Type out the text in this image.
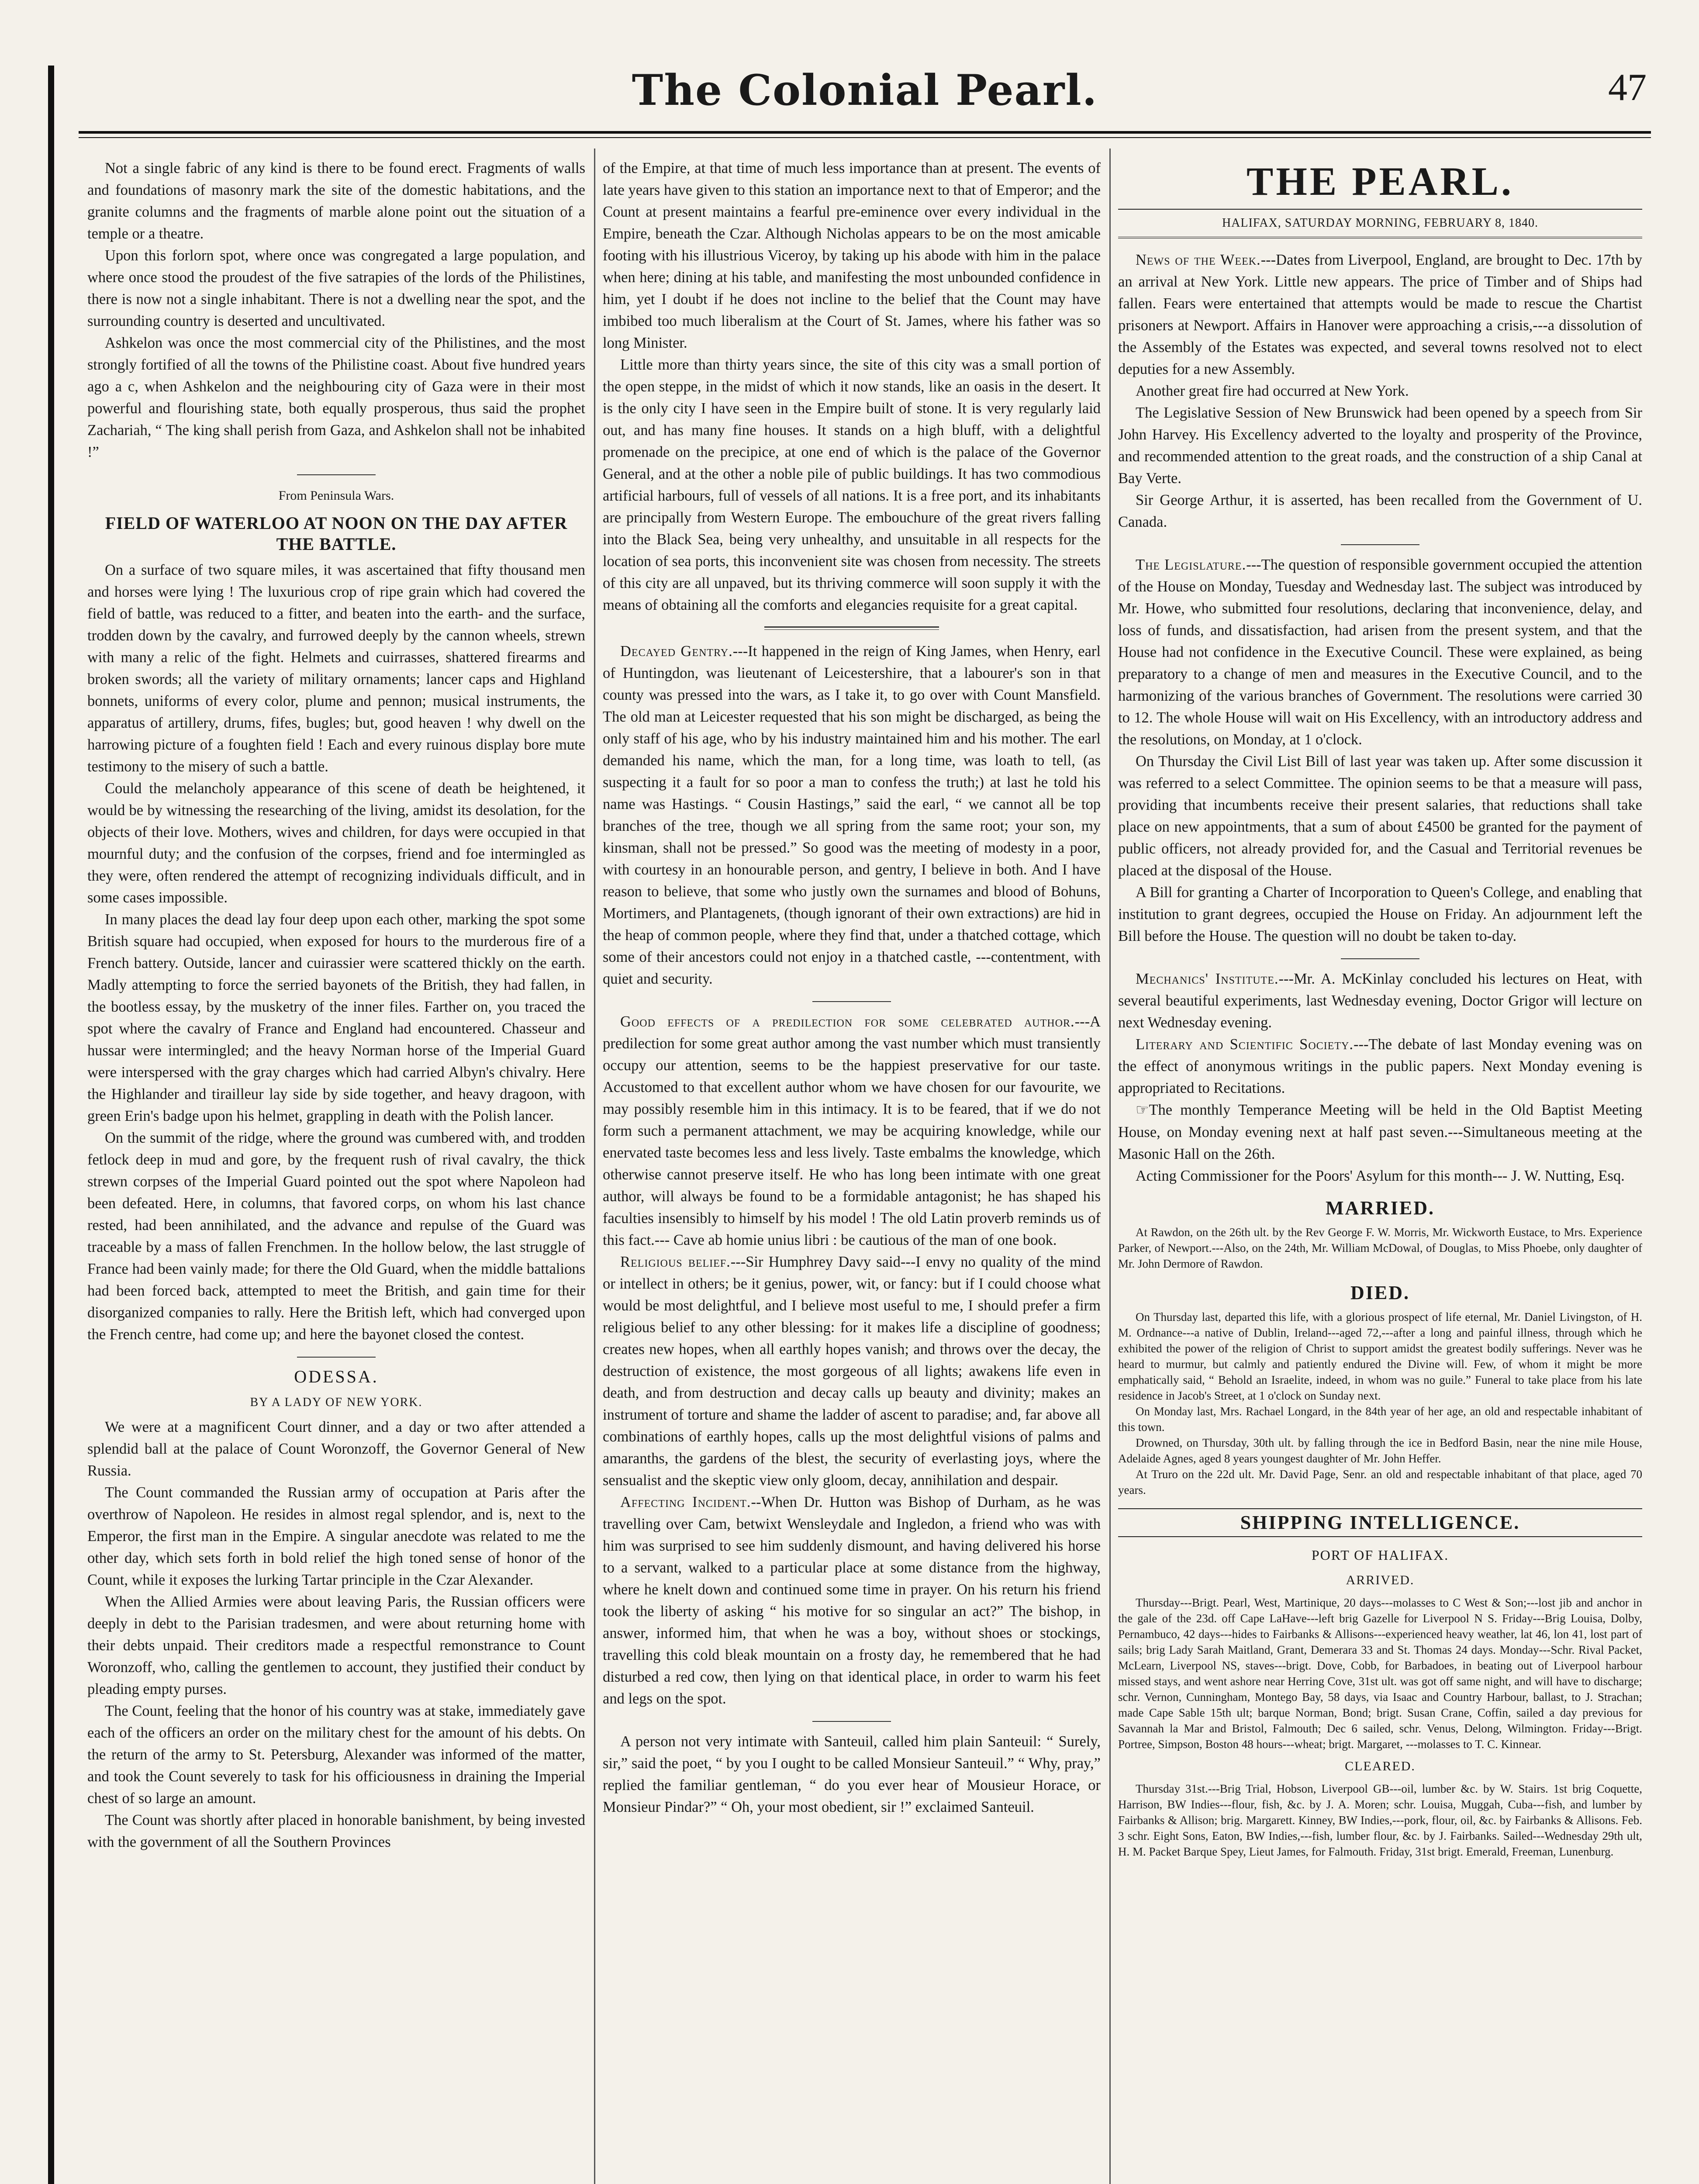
The Colonial Pearl.	47

Not a single fabric of any kind is there to be found erect. Fragments of walls and foundations of masonry mark the site of the domestic habitations, and the granite columns and the fragments of marble alone point out the situation of a temple or a theatre.

Upon this forlorn spot, where once was congregated a large population, and where once stood the proudest of the five satrapies of the lords of the Philistines, there is now not a single inhabitant. There is not a dwelling near the spot, and the surrounding country is deserted and uncultivated.

Ashkelon was once the most commercial city of the Philistines, and the most strongly fortified of all the towns of the Philistine coast. About five hundred years ago a c, when Ashkelon and the neighbouring city of Gaza were in their most powerful and flourishing state, both equally prosperous, thus said the prophet Zachariah, “ The king shall perish from Gaza, and Ashkelon shall not be inhabited !”

From Peninsula Wars.
FIELD OF WATERLOO AT NOON ON THE DAY AFTER THE BATTLE.

On a surface of two square miles, it was ascertained that fifty thousand men and horses were lying ! The luxurious crop of ripe grain which had covered the field of battle, was reduced to a fitter, and beaten into the earth- and the surface, trodden down by the cavalry, and furrowed deeply by the cannon wheels, strewn with many a relic of the fight. Helmets and cuirrasses, shattered firearms and broken swords; all the variety of military ornaments; lancer caps and Highland bonnets, uniforms of every color, plume and pennon; musical instruments, the apparatus of artillery, drums, fifes, bugles; but, good heaven ! why dwell on the harrowing picture of a foughten field ! Each and every ruinous display bore mute testimony to the misery of such a battle.

Could the melancholy appearance of this scene of death be heightened, it would be by witnessing the researching of the living, amidst its desolation, for the objects of their love. Mothers, wives and children, for days were occupied in that mournful duty; and the confusion of the corpses, friend and foe intermingled as they were, often rendered the attempt of recognizing individuals difficult, and in some cases impossible.

In many places the dead lay four deep upon each other, marking the spot some British square had occupied, when exposed for hours to the murderous fire of a French battery. Outside, lancer and cuirassier were scattered thickly on the earth. Madly attempting to force the serried bayonets of the British, they had fallen, in the bootless essay, by the musketry of the inner files. Farther on, you traced the spot where the cavalry of France and England had encountered. Chasseur and hussar were intermingled; and the heavy Norman horse of the Imperial Guard were interspersed with the gray charges which had carried Albyn's chivalry. Here the Highlander and tirailleur lay side by side together, and heavy dragoon, with green Erin's badge upon his helmet, grappling in death with the Polish lancer.

On the summit of the ridge, where the ground was cumbered with, and trodden fetlock deep in mud and gore, by the frequent rush of rival cavalry, the thick strewn corpses of the Imperial Guard pointed out the spot where Napoleon had been defeated. Here, in columns, that favored corps, on whom his last chance rested, had been annihilated, and the advance and repulse of the Guard was traceable by a mass of fallen Frenchmen. In the hollow below, the last struggle of France had been vainly made; for there the Old Guard, when the middle battalions had been forced back, attempted to meet the British, and gain time for their disorganized companies to rally. Here the British left, which had converged upon the French centre, had come up; and here the bayonet closed the contest.

ODESSA.
BY A LADY OF NEW YORK.

We were at a magnificent Court dinner, and a day or two after attended a splendid ball at the palace of Count Woronzoff, the Governor General of New Russia.

The Count commanded the Russian army of occupation at Paris after the overthrow of Napoleon. He resides in almost regal splendor, and is, next to the Emperor, the first man in the Empire. A singular anecdote was related to me the other day, which sets forth in bold relief the high toned sense of honor of the Count, while it exposes the lurking Tartar principle in the Czar Alexander.

When the Allied Armies were about leaving Paris, the Russian officers were deeply in debt to the Parisian tradesmen, and were about returning home with their debts unpaid. Their creditors made a respectful remonstrance to Count Woronzoff, who, calling the gentlemen to account, they justified their conduct by pleading empty purses.

The Count, feeling that the honor of his country was at stake, immediately gave each of the officers an order on the military chest for the amount of his debts. On the return of the army to St. Petersburg, Alexander was informed of the matter, and took the Count severely to task for his officiousness in draining the Imperial chest of so large an amount.

The Count was shortly after placed in honorable banishment, by being invested with the government of all the Southern Provinces

of the Empire, at that time of much less importance than at present. The events of late years have given to this station an importance next to that of Emperor; and the Count at present maintains a fearful pre-eminence over every individual in the Empire, beneath the Czar. Although Nicholas appears to be on the most amicable footing with his illustrious Viceroy, by taking up his abode with him in the palace when here; dining at his table, and manifesting the most unbounded confidence in him, yet I doubt if he does not incline to the belief that the Count may have imbibed too much liberalism at the Court of St. James, where his father was so long Minister.

Little more than thirty years since, the site of this city was a small portion of the open steppe, in the midst of which it now stands, like an oasis in the desert. It is the only city I have seen in the Empire built of stone. It is very regularly laid out, and has many fine houses. It stands on a high bluff, with a delightful promenade on the precipice, at one end of which is the palace of the Governor General, and at the other a noble pile of public buildings. It has two commodious artificial harbours, full of vessels of all nations. It is a free port, and its inhabitants are principally from Western Europe. The embouchure of the great rivers falling into the Black Sea, being very unhealthy, and unsuitable in all respects for the location of sea ports, this inconvenient site was chosen from necessity. The streets of this city are all unpaved, but its thriving commerce will soon supply it with the means of obtaining all the comforts and elegancies requisite for a great capital.

Decayed Gentry.---It happened in the reign of King James, when Henry, earl of Huntingdon, was lieutenant of Leicestershire, that a labourer's son in that county was pressed into the wars, as I take it, to go over with Count Mansfield. The old man at Leicester requested that his son might be discharged, as being the only staff of his age, who by his industry maintained him and his mother. The earl demanded his name, which the man, for a long time, was loath to tell, (as suspecting it a fault for so poor a man to confess the truth;) at last he told his name was Hastings. “ Cousin Hastings,” said the earl, “ we cannot all be top branches of the tree, though we all spring from the same root; your son, my kinsman, shall not be pressed.” So good was the meeting of modesty in a poor, with courtesy in an honourable person, and gentry, I believe in both. And I have reason to believe, that some who justly own the surnames and blood of Bohuns, Mortimers, and Plantagenets, (though ignorant of their own extractions) are hid in the heap of common people, where they find that, under a thatched cottage, which some of their ancestors could not enjoy in a thatched castle, ---contentment, with quiet and security.

Good effects of a predilection for some celebrated author.---A predilection for some great author among the vast number which must transiently occupy our attention, seems to be the happiest preservative for our taste. Accustomed to that excellent author whom we have chosen for our favourite, we may possibly resemble him in this intimacy. It is to be feared, that if we do not form such a permanent attachment, we may be acquiring knowledge, while our enervated taste becomes less and less lively. Taste embalms the knowledge, which otherwise cannot preserve itself. He who has long been intimate with one great author, will always be found to be a formidable antagonist; he has shaped his faculties insensibly to himself by his model ! The old Latin proverb reminds us of this fact.--- Cave ab homie unius libri : be cautious of the man of one book.

Religious belief.---Sir Humphrey Davy said---I envy no quality of the mind or intellect in others; be it genius, power, wit, or fancy: but if I could choose what would be most delightful, and I believe most useful to me, I should prefer a firm religious belief to any other blessing: for it makes life a discipline of goodness; creates new hopes, when all earthly hopes vanish; and throws over the decay, the destruction of existence, the most gorgeous of all lights; awakens life even in death, and from destruction and decay calls up beauty and divinity; makes an instrument of torture and shame the ladder of ascent to paradise; and, far above all combinations of earthly hopes, calls up the most delightful visions of palms and amaranths, the gardens of the blest, the security of everlasting joys, where the sensualist and the skeptic view only gloom, decay, annihilation and despair.

Affecting Incident.--When Dr. Hutton was Bishop of Durham, as he was travelling over Cam, betwixt Wensleydale and Ingledon, a friend who was with him was surprised to see him suddenly dismount, and having delivered his horse to a servant, walked to a particular place at some distance from the highway, where he knelt down and continued some time in prayer. On his return his friend took the liberty of asking “ his motive for so singular an act?” The bishop, in answer, informed him, that when he was a boy, without shoes or stockings, travelling this cold bleak mountain on a frosty day, he remembered that he had disturbed a red cow, then lying on that identical place, in order to warm his feet and legs on the spot.

A person not very intimate with Santeuil, called him plain Santeuil: “ Surely, sir,” said the poet, “ by you I ought to be called Monsieur Santeuil.” “ Why, pray,” replied the familiar gentleman, “ do you ever hear of Mousieur Horace, or Monsieur Pindar?” “ Oh, your most obedient, sir !” exclaimed Santeuil.

THE PEARL.
HALIFAX, SATURDAY MORNING, FEBRUARY 8, 1840.

News of the Week.---Dates from Liverpool, England, are brought to Dec. 17th by an arrival at New York. Little new appears. The price of Timber and of Ships had fallen. Fears were entertained that attempts would be made to rescue the Chartist prisoners at Newport. Affairs in Hanover were approaching a crisis,---a dissolution of the Assembly of the Estates was expected, and several towns resolved not to elect deputies for a new Assembly.

Another great fire had occurred at New York.

The Legislative Session of New Brunswick had been opened by a speech from Sir John Harvey. His Excellency adverted to the loyalty and prosperity of the Province, and recommended attention to the great roads, and the construction of a ship Canal at Bay Verte.

Sir George Arthur, it is asserted, has been recalled from the Government of U. Canada.

The Legislature.---The question of responsible government occupied the attention of the House on Monday, Tuesday and Wednesday last. The subject was introduced by Mr. Howe, who submitted four resolutions, declaring that inconvenience, delay, and loss of funds, and dissatisfaction, had arisen from the present system, and that the House had not confidence in the Executive Council. These were explained, as being preparatory to a change of men and measures in the Executive Council, and to the harmonizing of the various branches of Government. The resolutions were carried 30 to 12. The whole House will wait on His Excellency, with an introductory address and the resolutions, on Monday, at 1 o'clock.

On Thursday the Civil List Bill of last year was taken up. After some discussion it was referred to a select Committee. The opinion seems to be that a measure will pass, providing that incumbents receive their present salaries, that reductions shall take place on new appointments, that a sum of about £4500 be granted for the payment of public officers, not already provided for, and the Casual and Territorial revenues be placed at the disposal of the House.

A Bill for granting a Charter of Incorporation to Queen's College, and enabling that institution to grant degrees, occupied the House on Friday. An adjournment left the Bill before the House. The question will no doubt be taken to-day.

Mechanics' Institute.---Mr. A. McKinlay concluded his lectures on Heat, with several beautiful experiments, last Wednesday evening, Doctor Grigor will lecture on next Wednesday evening.

Literary and Scientific Society.---The debate of last Monday evening was on the effect of anonymous writings in the public papers. Next Monday evening is appropriated to Recitations.

☞The monthly Temperance Meeting will be held in the Old Baptist Meeting House, on Monday evening next at half past seven.---Simultaneous meeting at the Masonic Hall on the 26th.

Acting Commissioner for the Poors' Asylum for this month--- J. W. Nutting, Esq.

MARRIED.

At Rawdon, on the 26th ult. by the Rev George F. W. Morris, Mr. Wickworth Eustace, to Mrs. Experience Parker, of Newport.---Also, on the 24th, Mr. William McDowal, of Douglas, to Miss Phoebe, only daughter of Mr. John Dermore of Rawdon.

DIED.

On Thursday last, departed this life, with a glorious prospect of life eternal, Mr. Daniel Livingston, of H. M. Ordnance---a native of Dublin, Ireland---aged 72,---after a long and painful illness, through which he exhibited the power of the religion of Christ to support amidst the greatest bodily sufferings. Never was he heard to murmur, but calmly and patiently endured the Divine will. Few, of whom it might be more emphatically said, “ Behold an Israelite, indeed, in whom was no guile.” Funeral to take place from his late residence in Jacob's Street, at 1 o'clock on Sunday next.

On Monday last, Mrs. Rachael Longard, in the 84th year of her age, an old and respectable inhabitant of this town.

Drowned, on Thursday, 30th ult. by falling through the ice in Bedford Basin, near the nine mile House, Adelaide Agnes, aged 8 years youngest daughter of Mr. John Heffer.

At Truro on the 22d ult. Mr. David Page, Senr. an old and respectable inhabitant of that place, aged 70 years.

SHIPPING INTELLIGENCE.
PORT OF HALIFAX.
ARRIVED.

Thursday---Brigt. Pearl, West, Martinique, 20 days---molasses to C West & Son;---lost jib and anchor in the gale of the 23d. off Cape LaHave---left brig Gazelle for Liverpool N S. Friday---Brig Louisa, Dolby, Pernambuco, 42 days---hides to Fairbanks & Allisons---experienced heavy weather, lat 46, lon 41, lost part of sails; brig Lady Sarah Maitland, Grant, Demerara 33 and St. Thomas 24 days. Monday---Schr. Rival Packet, McLearn, Liverpool NS, staves---brigt. Dove, Cobb, for Barbadoes, in beating out of Liverpool harbour missed stays, and went ashore near Herring Cove, 31st ult. was got off same night, and will have to discharge; schr. Vernon, Cunningham, Montego Bay, 58 days, via Isaac and Country Harbour, ballast, to J. Strachan; made Cape Sable 15th ult; barque Norman, Bond; brigt. Susan Crane, Coffin, sailed a day previous for Savannah la Mar and Bristol, Falmouth; Dec 6 sailed, schr. Venus, Delong, Wilmington. Friday---Brigt. Portree, Simpson, Boston 48 hours---wheat; brigt. Margaret, ---molasses to T. C. Kinnear.

CLEARED.

Thursday 31st.---Brig Trial, Hobson, Liverpool GB---oil, lumber &c. by W. Stairs. 1st brig Coquette, Harrison, BW Indies---flour, fish, &c. by J. A. Moren; schr. Louisa, Muggah, Cuba---fish, and lumber by Fairbanks & Allison; brig. Margarett. Kinney, BW Indies,---pork, flour, oil, &c. by Fairbanks & Allisons. Feb. 3 schr. Eight Sons, Eaton, BW Indies,---fish, lumber flour, &c. by J. Fairbanks. Sailed---Wednesday 29th ult, H. M. Packet Barque Spey, Lieut James, for Falmouth. Friday, 31st brigt. Emerald, Freeman, Lunenburg.
